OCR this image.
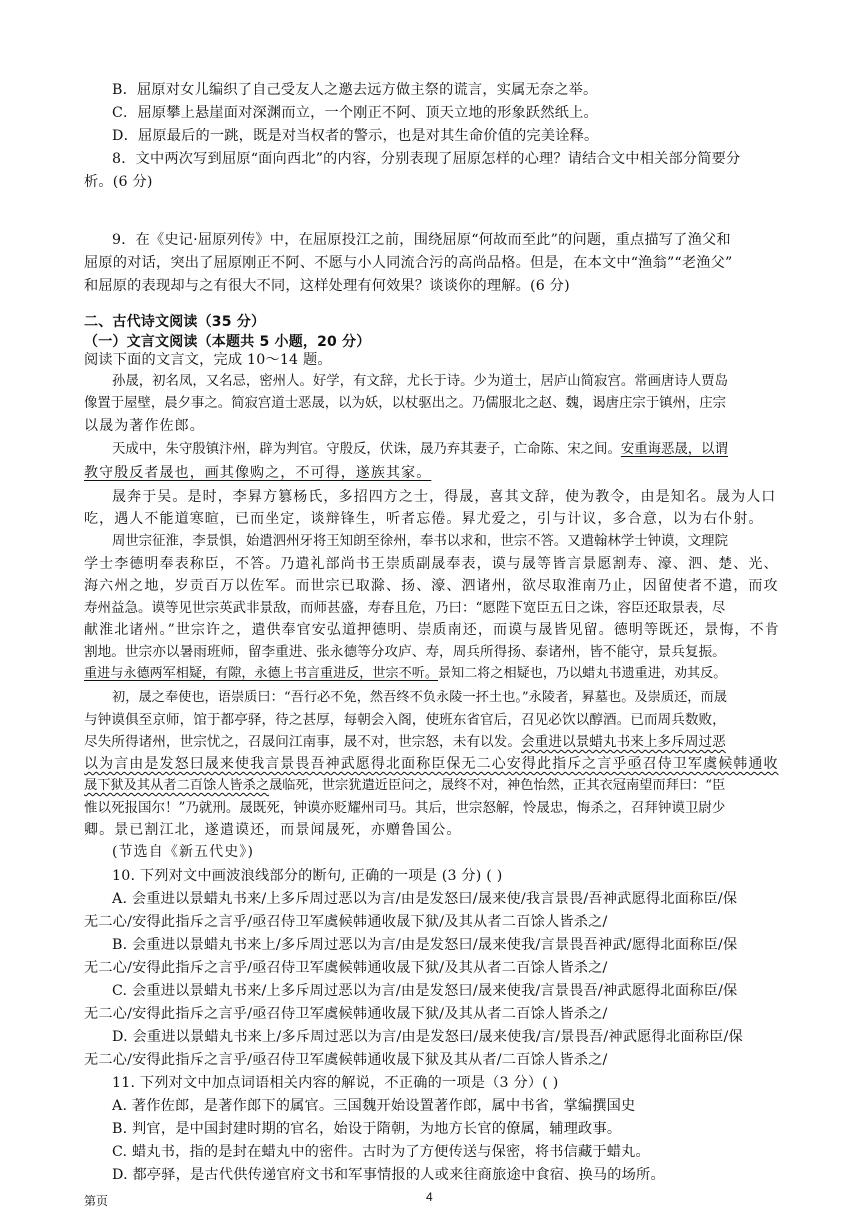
B．屈原对女儿编织了自己受友人之邀去远方做主祭的谎言，实属无奈之举。
C．屈原攀上悬崖面对深渊而立，一个刚正不阿、顶天立地的形象跃然纸上。
D．屈原最后的一跳，既是对当权者的警示，也是对其生命价值的完美诠释。
8．文中两次写到屈原“面向西北”的内容，分别表现了屈原怎样的心理？请结合文中相关部分简要分
析。(6 分)
9．在《史记·屈原列传》中，在屈原投江之前，围绕屈原“何故而至此”的问题，重点描写了渔父和
屈原的对话，突出了屈原刚正不阿、不愿与小人同流合污的高尚品格。但是，在本文中“渔翁”“老渔父”
和屈原的表现却与之有很大不同，这样处理有何效果？谈谈你的理解。(6 分)
二、古代诗文阅读（35 分）
（一）文言文阅读（本题共 5 小题，20 分）
阅读下面的文言文，完成 10～14 题。
孙晟，初名凤，又名忌，密州人。好学，有文辞，尤长于诗。少为道士，居庐山简寂宫。常画唐诗人贾岛
像置于屋壁，晨夕事之。简寂宫道士恶晟，以为妖，以杖驱出之。乃儒服北之赵、魏，谒唐庄宗于镇州，庄宗
以晟为著作佐郎。
天成中，朱守殷镇汴州，辟为判官。守殷反，伏诛，晟乃弃其妻子，亡命陈、宋之间。安重诲恶晟，以谓
教守殷反者晟也，画其像购之，不可得，遂族其家。
晟奔于吴。是时，李昪方篡杨氏，多招四方之士，得晟，喜其文辞，使为教令，由是知名。晟为人口
吃，遇人不能道寒暄，已而坐定，谈辩锋生，听者忘倦。昪尤爱之，引与计议，多合意，以为右仆射。
周世宗征淮，李景惧，始遣泗州牙将王知朗至徐州，奉书以求和，世宗不答。又遣翰林学士钟谟，文理院
学士李德明奉表称臣，不答。乃遣礼部尚书王崇质副晟奉表，谟与晟等皆言景愿割寿、濠、泗、楚、光、
海六州之地，岁贡百万以佐军。而世宗已取滁、扬、濠、泗诸州，欲尽取淮南乃止，因留使者不遣，而攻
寿州益急。谟等见世宗英武非景敌，而师甚盛，寿春且危，乃曰：“愿陛下宽臣五日之诛，容臣还取景表，尽
献淮北诸州。”世宗许之，遣供奉官安弘道押德明、崇质南还，而谟与晟皆见留。德明等既还，景悔，不肯
割地。世宗亦以暑雨班师，留李重进、张永德等分攻庐、寿，周兵所得扬、泰诸州，皆不能守，景兵复振。
重进与永德两军相疑，有隙，永德上书言重进反，世宗不听。景知二将之相疑也，乃以蜡丸书遗重进，劝其反。
初，晟之奉使也，语崇质曰：“吾行必不免，然吾终不负永陵一抔土也。”永陵者，昪墓也。及崇质还，而晟
与钟谟俱至京师，馆于都亭驿，待之甚厚，每朝会入阁，使班东省官后，召见必饮以醇酒。已而周兵数败，
尽失所得诸州，世宗忧之，召晟问江南事，晟不对，世宗怒，未有以发。会重进以景蜡丸书来上多斥周过恶
以为言由是发怒曰晟来使我言景畏吾神武愿得北面称臣保无二心安得此指斥之言乎亟召侍卫军虞候韩通收
晟下狱及其从者二百馀人皆杀之晟临死，世宗犹遣近臣问之，晟终不对，神色怡然，正其衣冠南望而拜曰：“臣
惟以死报国尔！”乃就刑。晟既死，钟谟亦贬耀州司马。其后，世宗怒解，怜晟忠，悔杀之，召拜钟谟卫尉少
卿。景已割江北，遂遣谟还，而景闻晟死，亦赠鲁国公。
(节选自《新五代史》)
10. 下列对文中画波浪线部分的断句, 正确的一项是 (3 分) ( )
A. 会重进以景蜡丸书来/上多斥周过恶以为言/由是发怒曰/晟来使/我言景畏/吾神武愿得北面称臣/保
无二心/安得此指斥之言乎/亟召侍卫军虞候韩通收晟下狱/及其从者二百馀人皆杀之/
B. 会重进以景蜡丸书来上/多斥周过恶以为言/由是发怒曰/晟来使我/言景畏吾神武/愿得北面称臣/保
无二心/安得此指斥之言乎/亟召侍卫军虞候韩通收晟下狱/及其从者二百馀人皆杀之/
C. 会重进以景蜡丸书来/上多斥周过恶以为言/由是发怒曰/晟来使我/言景畏吾/神武愿得北面称臣/保
无二心/安得此指斥之言乎/亟召侍卫军虞候韩通收晟下狱/及其从者二百馀人皆杀之/
D. 会重进以景蜡丸书来上/多斥周过恶以为言/由是发怒曰/晟来使我/言/景畏吾/神武愿得北面称臣/保
无二心/安得此指斥之言乎/亟召侍卫军虞候韩通收晟下狱及其从者/二百馀人皆杀之/
11. 下列对文中加点词语相关内容的解说，不正确的一项是（3 分）( )
A. 著作佐郎，是著作郎下的属官。三国魏开始设置著作郎，属中书省，掌编撰国史
B. 判官，是中国封建时期的官名，始设于隋朝，为地方长官的僚属，辅理政事。
C. 蜡丸书，指的是封在蜡丸中的密件。古时为了方便传送与保密，将书信藏于蜡丸。
D. 都亭驿，是古代供传递官府文书和军事情报的人或来往商旅途中食宿、换马的场所。
第页	4
